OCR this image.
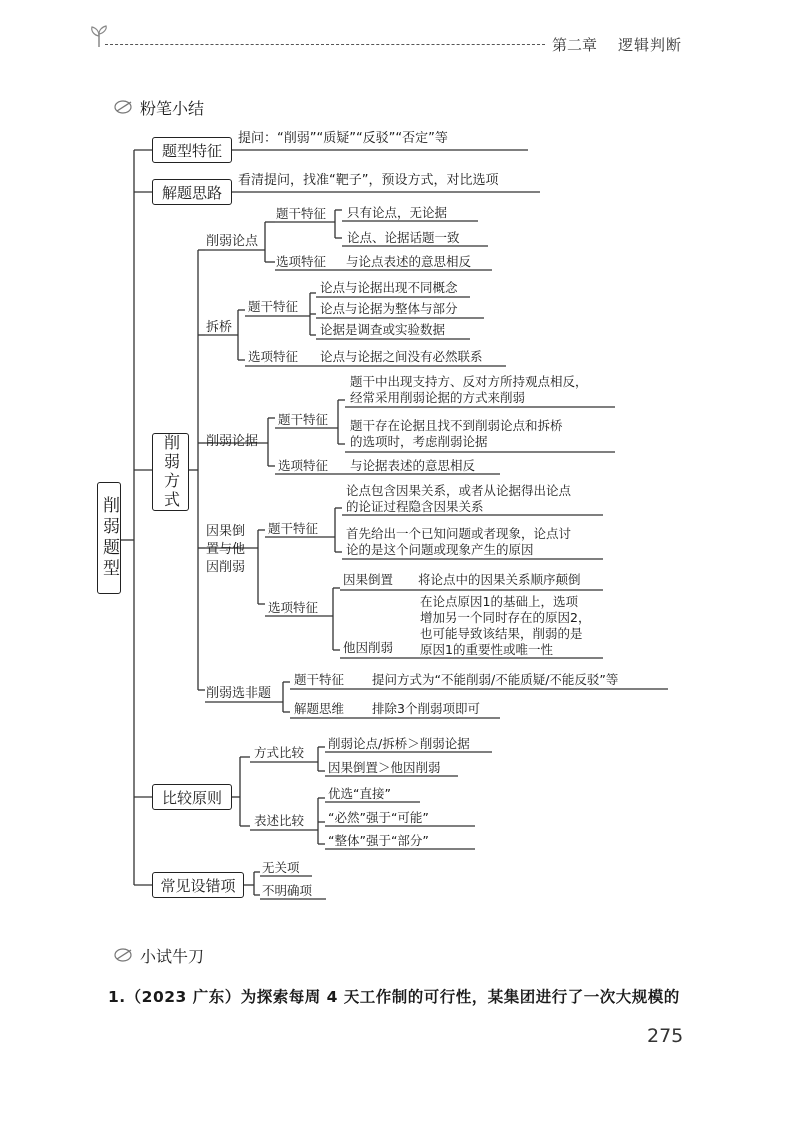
第二章 逻辑判断
粉笔小结
削弱题型
题型特征
提问：“削弱”“质疑”“反驳”“否定”等
解题思路
看清提问，找准“靶子”，预设方式，对比选项
削弱方式
比较原则
常见设错项
削弱论点
题干特征 只有论点，无论据
论点、论据话题一致
选项特征 与论点表述的意思相反
拆桥
题干特征
论点与论据出现不同概念
论点与论据为整体与部分
论据是调查或实验数据
选项特征 论点与论据之间没有必然联系
削弱论据
题干特征
题干中出现支持方、反对方所持观点相反，
经常采用削弱论据的方式来削弱
题干存在论据且找不到削弱论点和拆桥
的选项时，考虑削弱论据
选项特征 与论据表述的意思相反
因果倒
置与他
因削弱
题干特征
论点包含因果关系，或者从论据得出论点
的论证过程隐含因果关系
首先给出一个已知问题或者现象，论点讨
论的是这个问题或现象产生的原因
选项特征
因果倒置 将论点中的因果关系顺序颠倒
他因削弱
在论点原因1的基础上，选项
增加另一个同时存在的原因2，
也可能导致该结果，削弱的是
原因1的重要性或唯一性
削弱选非题
题干特征 提问方式为“不能削弱/不能质疑/不能反驳”等
解题思维 排除3个削弱项即可
方式比较
削弱论点/拆桥＞削弱论据
因果倒置＞他因削弱
表述比较
优选“直接”
“必然”强于“可能”
“整体”强于“部分”
无关项
不明确项
小试牛刀
1.（2023 广东）为探索每周 4 天工作制的可行性，某集团进行了一次大规模的
275
